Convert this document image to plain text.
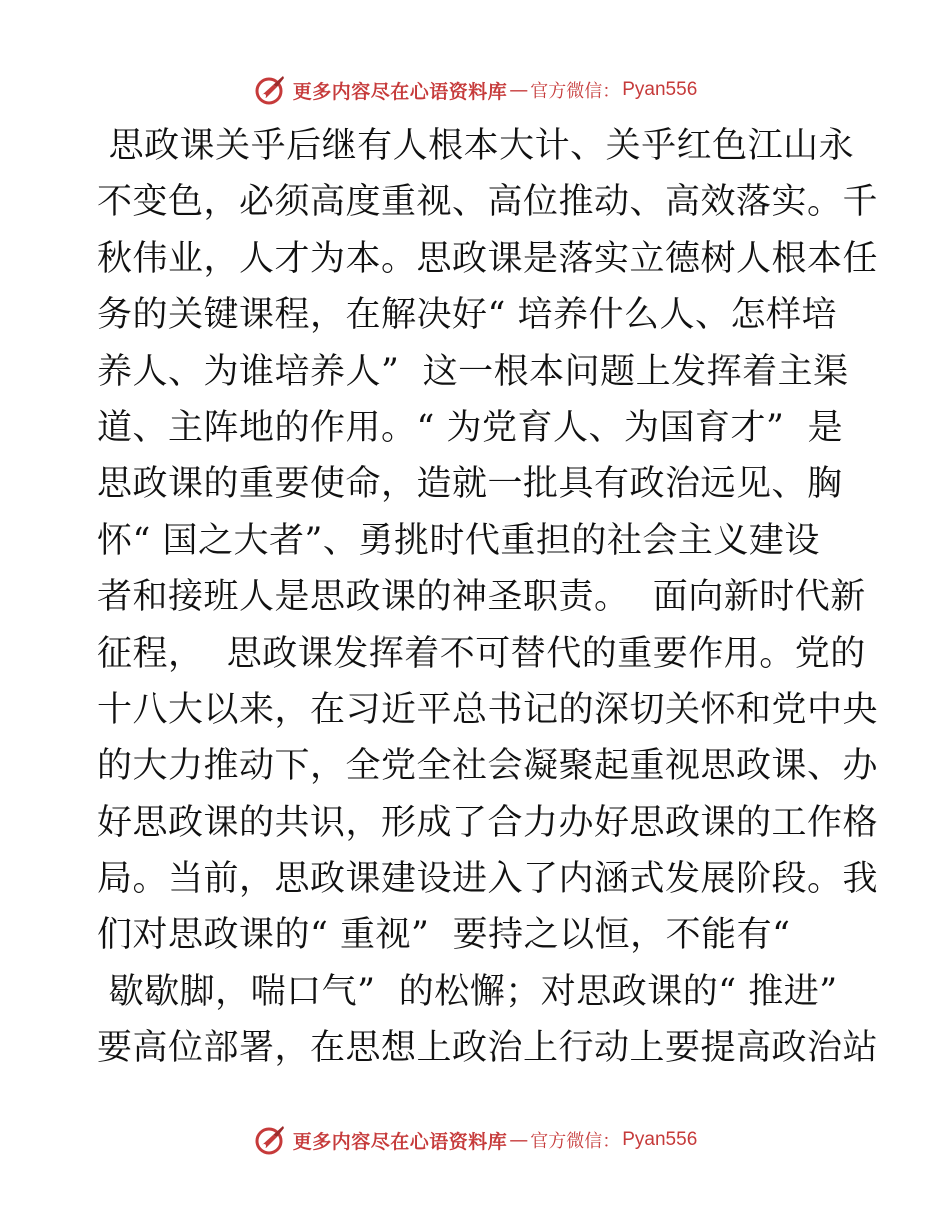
更多内容尽在心语资料库 — 官方微信： Pyan556
思政课关乎后继有人根本大计、关乎红色江山永
不变色，必须高度重视、高位推动、高效落实。千
秋伟业，人才为本。思政课是落实立德树人根本任
务的关键课程，在解决好“ 培养什么人、怎样培
养人、为谁培养人”  这一根本问题上发挥着主渠
道、主阵地的作用。“ 为党育人、为国育才”  是
思政课的重要使命，造就一批具有政治远见、胸
怀“ 国之大者”、勇挑时代重担的社会主义建设
者和接班人是思政课的神圣职责。  面向新时代新
征程，  思政课发挥着不可替代的重要作用。党的
十八大以来，在习近平总书记的深切关怀和党中央
的大力推动下，全党全社会凝聚起重视思政课、办
好思政课的共识，形成了合力办好思政课的工作格
局。当前，思政课建设进入了内涵式发展阶段。我
们对思政课的“ 重视”  要持之以恒，不能有“
歇歇脚，喘口气”  的松懈；对思政课的“ 推进”
要高位部署，在思想上政治上行动上要提高政治站
更多内容尽在心语资料库 — 官方微信： Pyan556
